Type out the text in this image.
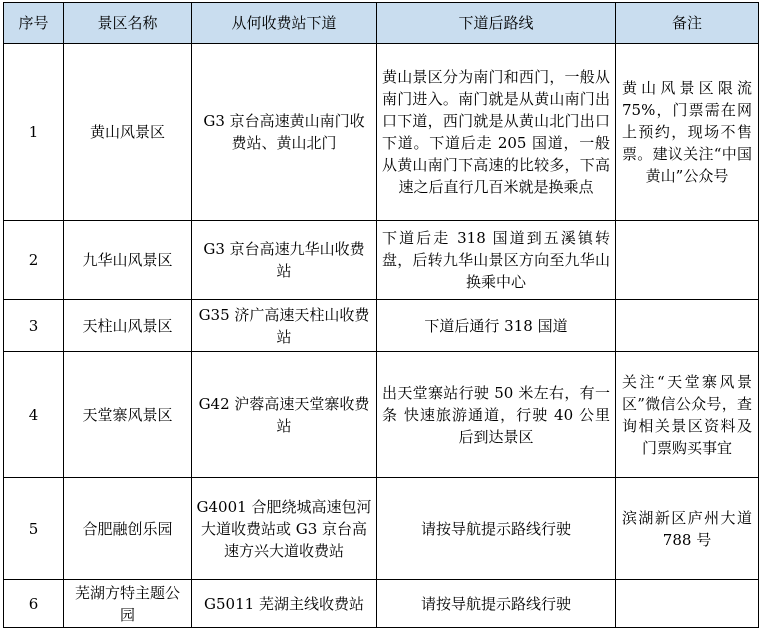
序号	景区名称	从何收费站下道	下道后路线	备注
1	黄山风景区	G3 京台高速黄山南门收费站、黄山北门	黄山景区分为南门和西门，一般从南门进入。南门就是从黄山南门出口下道，西门就是从黄山北门出口下道。下道后走 205 国道，一般从黄山南门下高速的比较多，下高速之后直行几百米就是换乘点	黄山风景区限流 75%，门票需在网上预约，现场不售票。建议关注“中国黄山”公众号
2	九华山风景区	G3 京台高速九华山收费站	下道后走 318 国道到五溪镇转盘，后转九华山景区方向至九华山换乘中心	
3	天柱山风景区	G35 济广高速天柱山收费站	下道后通行 318 国道	
4	天堂寨风景区	G42 沪蓉高速天堂寨收费站	出天堂寨站行驶 50 米左右，有一条 快速旅游通道，行驶 40 公里后到达景区	关注“天堂寨风景区”微信公众号，查询相关景区资料及门票购买事宜
5	合肥融创乐园	G4001 合肥绕城高速包河大道收费站或 G3 京台高速方兴大道收费站	请按导航提示路线行驶	滨湖新区庐州大道 788 号
6	芜湖方特主题公园	G5011 芜湖主线收费站	请按导航提示路线行驶	
